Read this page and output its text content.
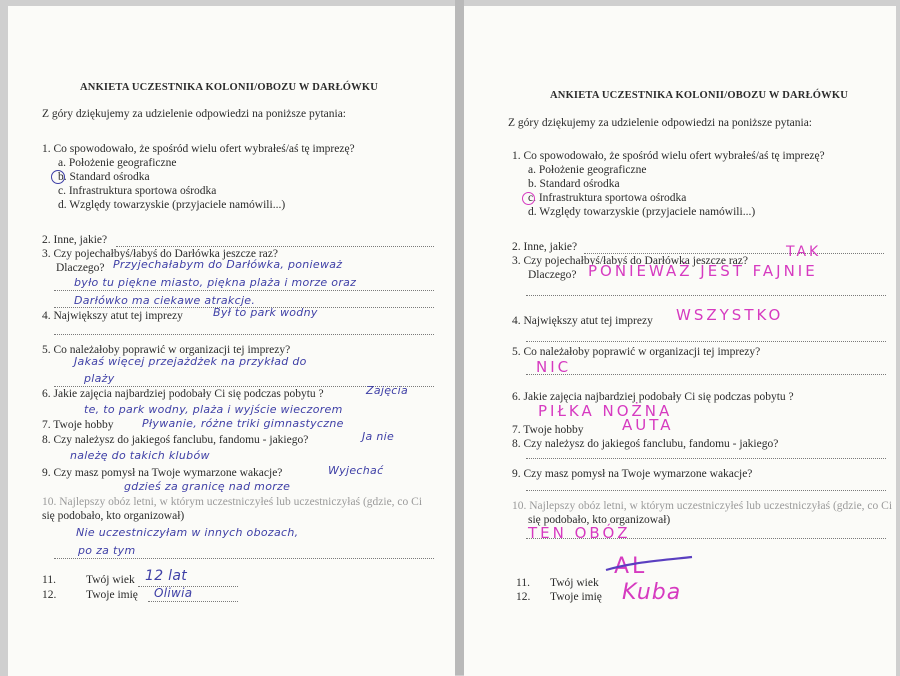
ANKIETA UCZESTNIKA KOLONII/OBOZU W DARŁÓWKU
Z góry dziękujemy za udzielenie odpowiedzi na poniższe pytania:
1. Co spowodowało, że spośród wielu ofert wybrałeś/aś tę imprezę?
a. Położenie geograficzne
b. Standard ośrodka
c. Infrastruktura sportowa ośrodka
d. Względy towarzyskie (przyjaciele namówili...)
2. Inne, jakie?
3. Czy pojechałbyś/łabyś do Darłówka jeszcze raz?
Dlaczego? Przyjechałabym do Darłówka, ponieważ
było tu piękne miasto, piękna plaża i morze oraz
Darłówko ma ciekawe atrakcje.
4. Największy atut tej imprezy	Był to park wodny
5. Co należałoby poprawić w organizacji tej imprezy?
Jakaś więcej przejażdżek na przykład do
plaży
6. Jakie zajęcia najbardziej podobały Ci się podczas pobytu ?	Zajęcia
te, to park wodny, plaża i wyjście wieczorem
7. Twoje hobby	Pływanie, różne triki gimnastyczne
8. Czy należysz do jakiegoś fanclubu, fandomu - jakiego?	Ja nie
należę do takich klubów
9. Czy masz pomysł na Twoje wymarzone wakacje?	Wyjechać
gdzieś za granicę nad morze
10. Najlepszy obóz letni, w którym uczestniczyłeś lub uczestniczyłaś (gdzie, co Ci
się podobało, kto organizował)
Nie uczestniczyłam w innych obozach,
po za tym
11.	Twój wiek 12 lat
12.	Twoje imię Oliwia
ANKIETA UCZESTNIKA KOLONII/OBOZU W DARŁÓWKU
Z góry dziękujemy za udzielenie odpowiedzi na poniższe pytania:
1. Co spowodowało, że spośród wielu ofert wybrałeś/aś tę imprezę?
a. Położenie geograficzne
b. Standard ośrodka
c. Infrastruktura sportowa ośrodka
d. Względy towarzyskie (przyjaciele namówili...)
2. Inne, jakie?
3. Czy pojechałbyś/łabyś do Darłówka jeszcze raz?
TAK
Dlaczego? PONIEWAŻ JEST FAJNIE
4. Największy atut tej imprezy WSZYSTKO
5. Co należałoby poprawić w organizacji tej imprezy?
NIC
6. Jakie zajęcia najbardziej podobały Ci się podczas pobytu ?
PIŁKA NOŻNA
7. Twoje hobby	AUTA
8. Czy należysz do jakiegoś fanclubu, fandomu - jakiego?
9. Czy masz pomysł na Twoje wymarzone wakacje?
10. Najlepszy obóz letni, w którym uczestniczyłeś lub uczestniczyłaś (gdzie, co Ci
się podobało, kto organizował)
TEN OBÓZ
11. Twój wiek
AL
12. Twoje imię Kuba
